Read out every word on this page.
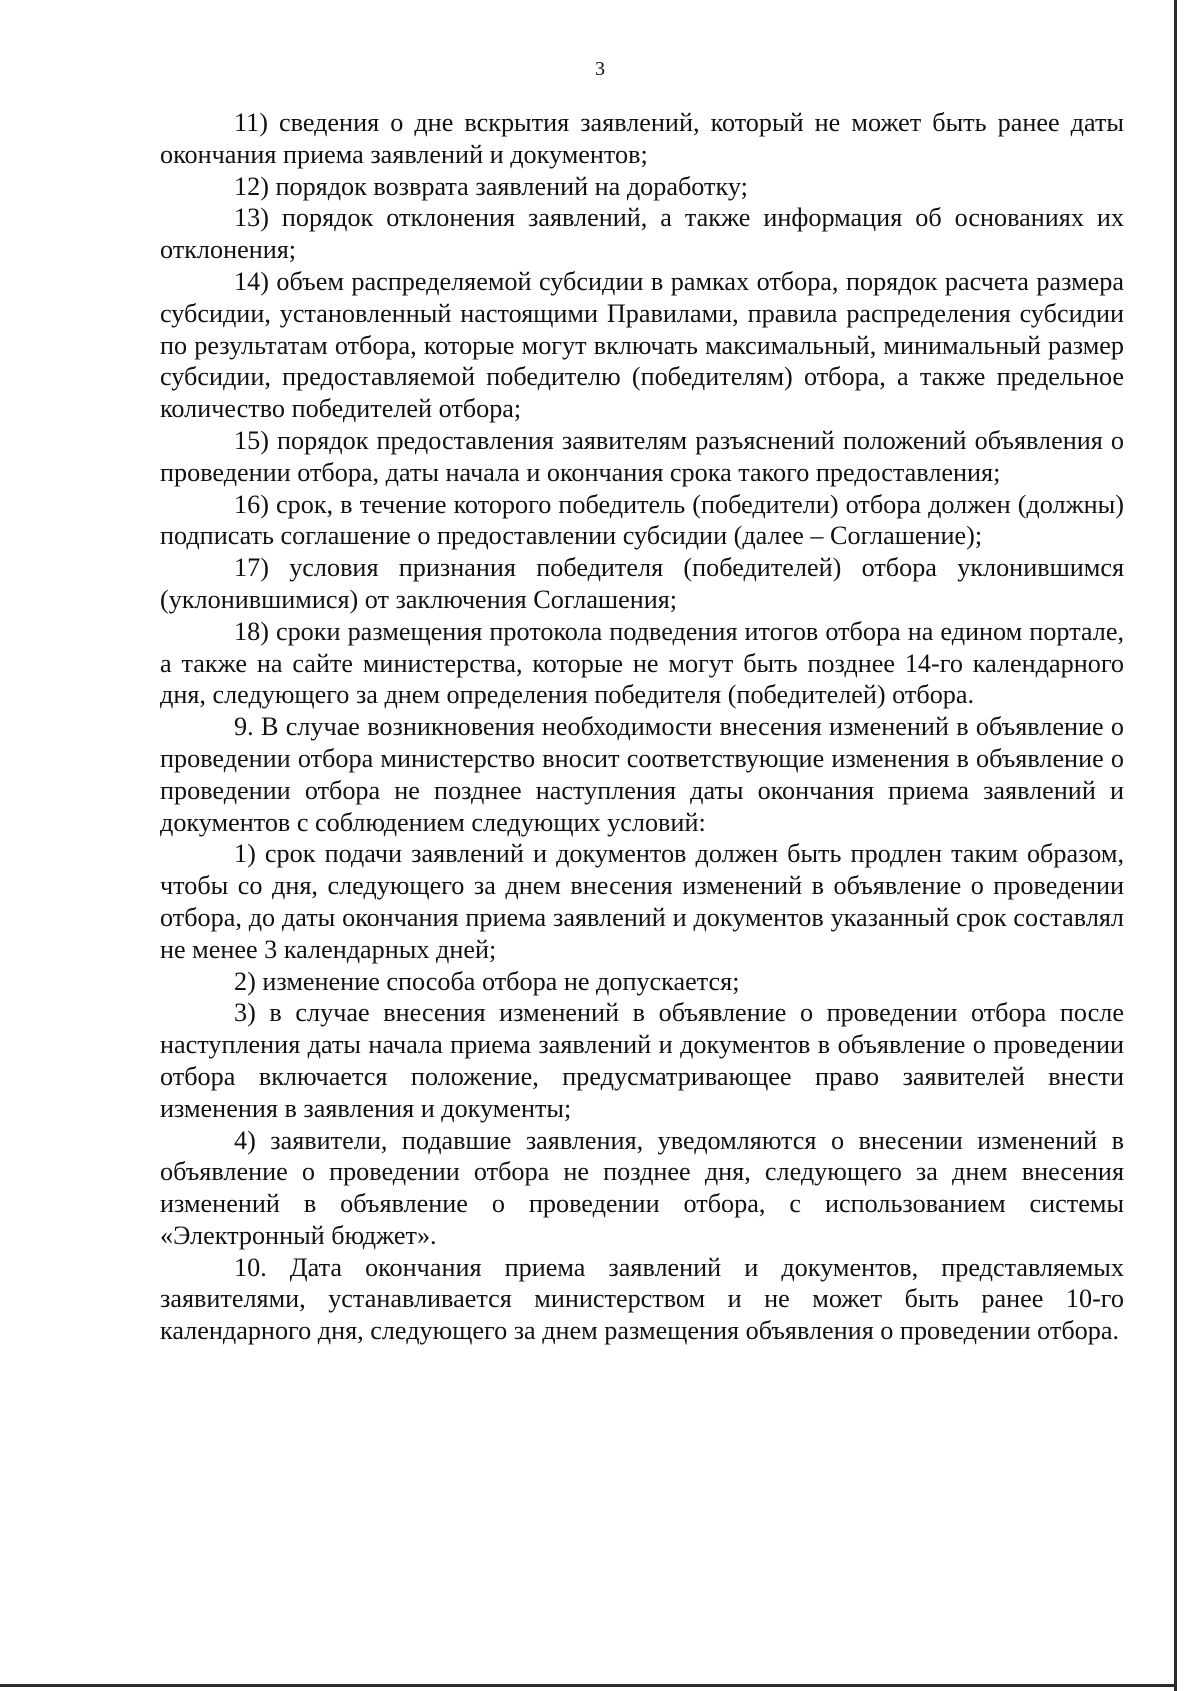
3

11) сведения о дне вскрытия заявлений, который не может быть ранее даты окончания приема заявлений и документов;

12) порядок возврата заявлений на доработку;

13) порядок отклонения заявлений, а также информация об основаниях их отклонения;

14) объем распределяемой субсидии в рамках отбора, порядок расчета размера субсидии, установленный настоящими Правилами, правила распределения субсидии по результатам отбора, которые могут включать максимальный, минимальный размер субсидии, предоставляемой победителю (победителям) отбора, а также предельное количество победителей отбора;

15) порядок предоставления заявителям разъяснений положений объявления о проведении отбора, даты начала и окончания срока такого предоставления;

16) срок, в течение которого победитель (победители) отбора должен (должны) подписать соглашение о предоставлении субсидии (далее – Соглашение);

17) условия признания победителя (победителей) отбора уклонившимся (уклонившимися) от заключения Соглашения;

18) сроки размещения протокола подведения итогов отбора на едином портале, а также на сайте министерства, которые не могут быть позднее 14-го календарного дня, следующего за днем определения победителя (победителей) отбора.

9. В случае возникновения необходимости внесения изменений в объявление о проведении отбора министерство вносит соответствующие изменения в объявление о проведении отбора не позднее наступления даты окончания приема заявлений и документов с соблюдением следующих условий:

1) срок подачи заявлений и документов должен быть продлен таким образом, чтобы со дня, следующего за днем внесения изменений в объявление о проведении отбора, до даты окончания приема заявлений и документов указанный срок составлял не менее 3 календарных дней;

2) изменение способа отбора не допускается;

3) в случае внесения изменений в объявление о проведении отбора после наступления даты начала приема заявлений и документов в объявление о проведении отбора включается положение, предусматривающее право заявителей внести изменения в заявления и документы;

4) заявители, подавшие заявления, уведомляются о внесении изменений в объявление о проведении отбора не позднее дня, следующего за днем внесения изменений в объявление о проведении отбора, с использованием системы «Электронный бюджет».

10. Дата окончания приема заявлений и документов, представляемых заявителями, устанавливается министерством и не может быть ранее 10-го календарного дня, следующего за днем размещения объявления о проведении отбора.
